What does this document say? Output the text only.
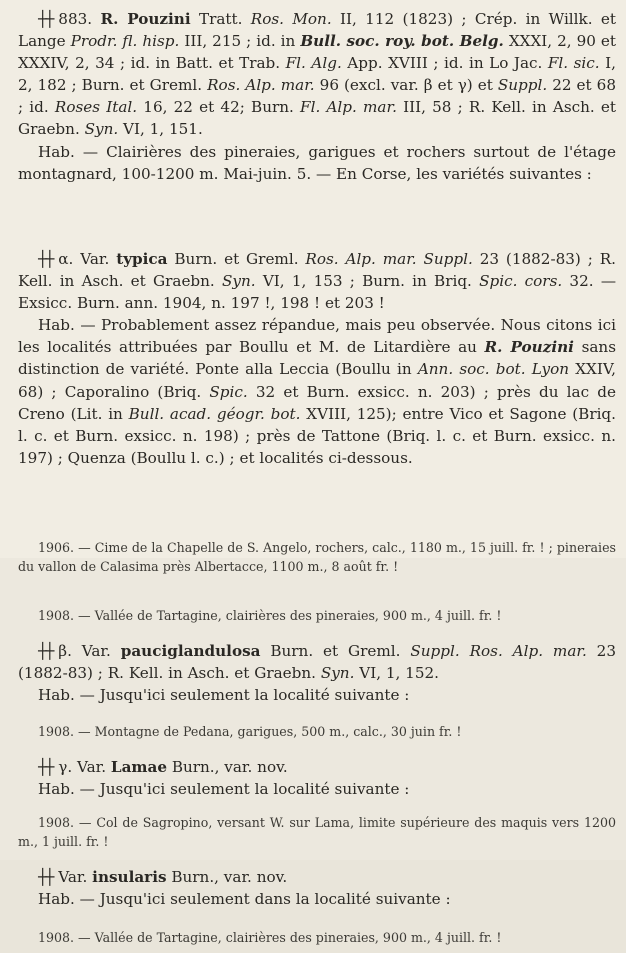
┼┼ 883. R. Pouzini Tratt. Ros. Mon. II, 112 (1823) ; Crép. in Willk. et Lange Prodr. fl. hisp. III, 215 ; id. in Bull. soc. roy. bot. Belg. XXXI, 2, 90 et XXXIV, 2, 34 ; id. in Batt. et Trab. Fl. Alg. App. XVIII ; id. in Lo Jac. Fl. sic. I, 2, 182 ; Burn. et Greml. Ros. Alp. mar. 96 (excl. var. β et γ) et Suppl. 22 et 68 ; id. Roses Ital. 16, 22 et 42; Burn. Fl. Alp. mar. III, 58 ; R. Kell. in Asch. et Graebn. Syn. VI, 1, 151.

Hab. — Clairières des pineraies, garigues et rochers surtout de l'étage montagnard, 100-1200 m. Mai-juin. 5. — En Corse, les variétés suivantes :

┼┼ α. Var. typica Burn. et Greml. Ros. Alp. mar. Suppl. 23 (1882-83) ; R. Kell. in Asch. et Graebn. Syn. VI, 1, 153 ; Burn. in Briq. Spic. cors. 32. — Exsicc. Burn. ann. 1904, n. 197 !, 198 ! et 203 !

Hab. — Probablement assez répandue, mais peu observée. Nous citons ici les localités attribuées par Boullu et M. de Litardière au R. Pouzini sans distinction de variété. Ponte alla Leccia (Boullu in Ann. soc. bot. Lyon XXIV, 68) ; Caporalino (Briq. Spic. 32 et Burn. exsicc. n. 203) ; près du lac de Creno (Lit. in Bull. acad. géogr. bot. XVIII, 125); entre Vico et Sagone (Briq. l. c. et Burn. exsicc. n. 198) ; près de Tattone (Briq. l. c. et Burn. exsicc. n. 197) ; Quenza (Boullu l. c.) ; et localités ci-dessous.

1906. — Cime de la Chapelle de S. Angelo, rochers, calc., 1180 m., 15 juill. fr. ! ; pineraies du vallon de Calasima près Albertacce, 1100 m., 8 août fr. !

1908. — Vallée de Tartagine, clairières des pineraies, 900 m., 4 juill. fr. !

┼┼ β. Var. pauciglandulosa Burn. et Greml. Suppl. Ros. Alp. mar. 23 (1882-83) ; R. Kell. in Asch. et Graebn. Syn. VI, 1, 152.

Hab. — Jusqu'ici seulement la localité suivante :

1908. — Montagne de Pedana, garigues, 500 m., calc., 30 juin fr. !

┼┼ γ. Var. Lamae Burn., var. nov.

Hab. — Jusqu'ici seulement la localité suivante :

1908. — Col de Sagropino, versant W. sur Lama, limite supérieure des maquis vers 1200 m., 1 juill. fr. !

┼┼ Var. insularis Burn., var. nov.

Hab. — Jusqu'ici seulement dans la localité suivante :

1908. — Vallée de Tartagine, clairières des pineraies, 900 m., 4 juill. fr. !
